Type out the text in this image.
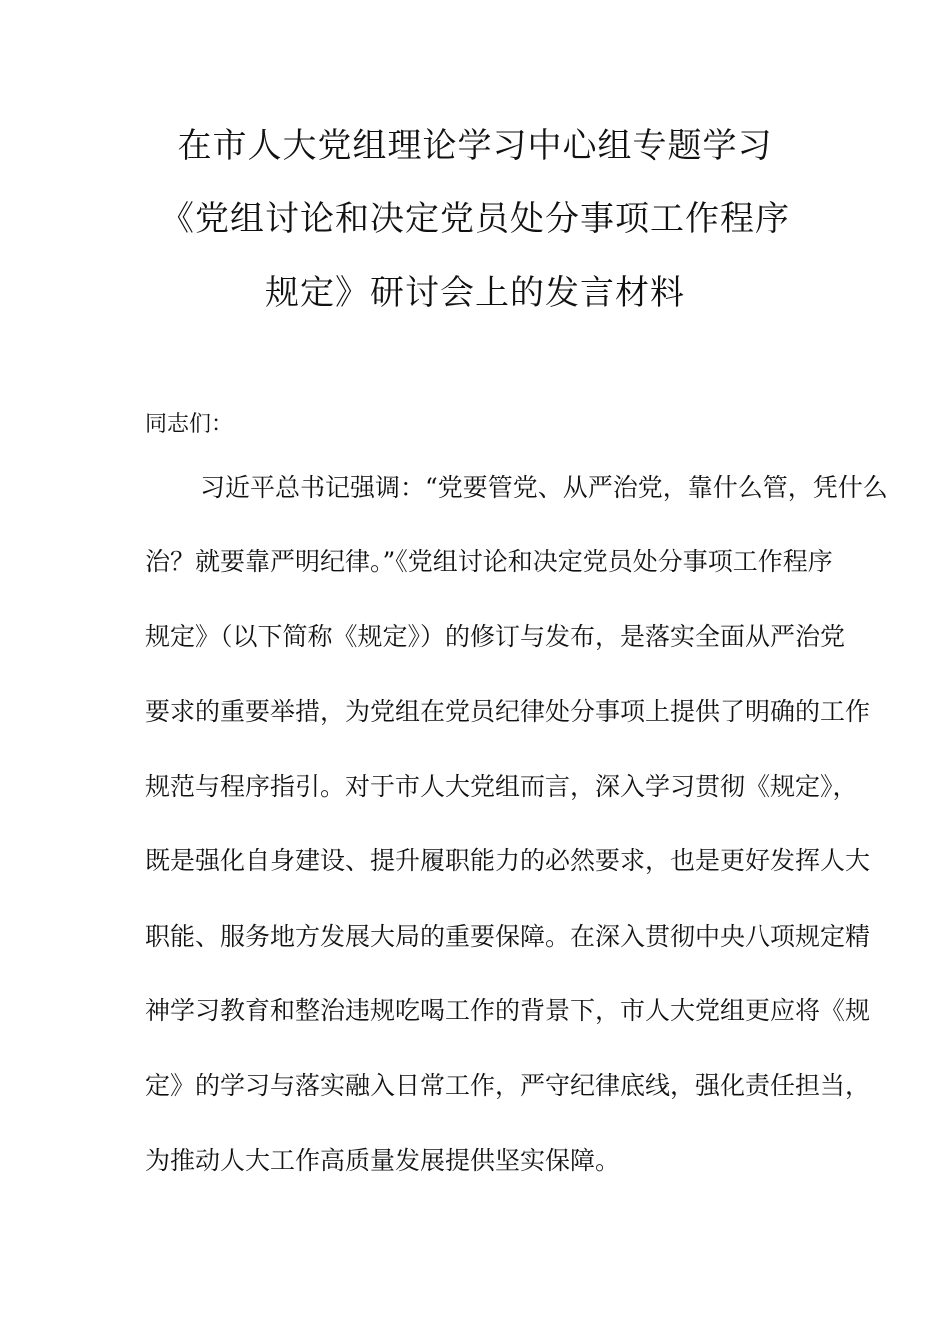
在市人大党组理论学习中心组专题学习
《党组讨论和决定党员处分事项工作程序
规定》研讨会上的发言材料
同志们：
习近平总书记强调：“党要管党、从严治党，靠什么管，凭什么
治？就要靠严明纪律。”《党组讨论和决定党员处分事项工作程序
规定》（以下简称《规定》）的修订与发布，是落实全面从严治党
要求的重要举措，为党组在党员纪律处分事项上提供了明确的工作
规范与程序指引。对于市人大党组而言，深入学习贯彻《规定》，
既是强化自身建设、提升履职能力的必然要求，也是更好发挥人大
职能、服务地方发展大局的重要保障。在深入贯彻中央八项规定精
神学习教育和整治违规吃喝工作的背景下，市人大党组更应将《规
定》的学习与落实融入日常工作，严守纪律底线，强化责任担当，
为推动人大工作高质量发展提供坚实保障。
